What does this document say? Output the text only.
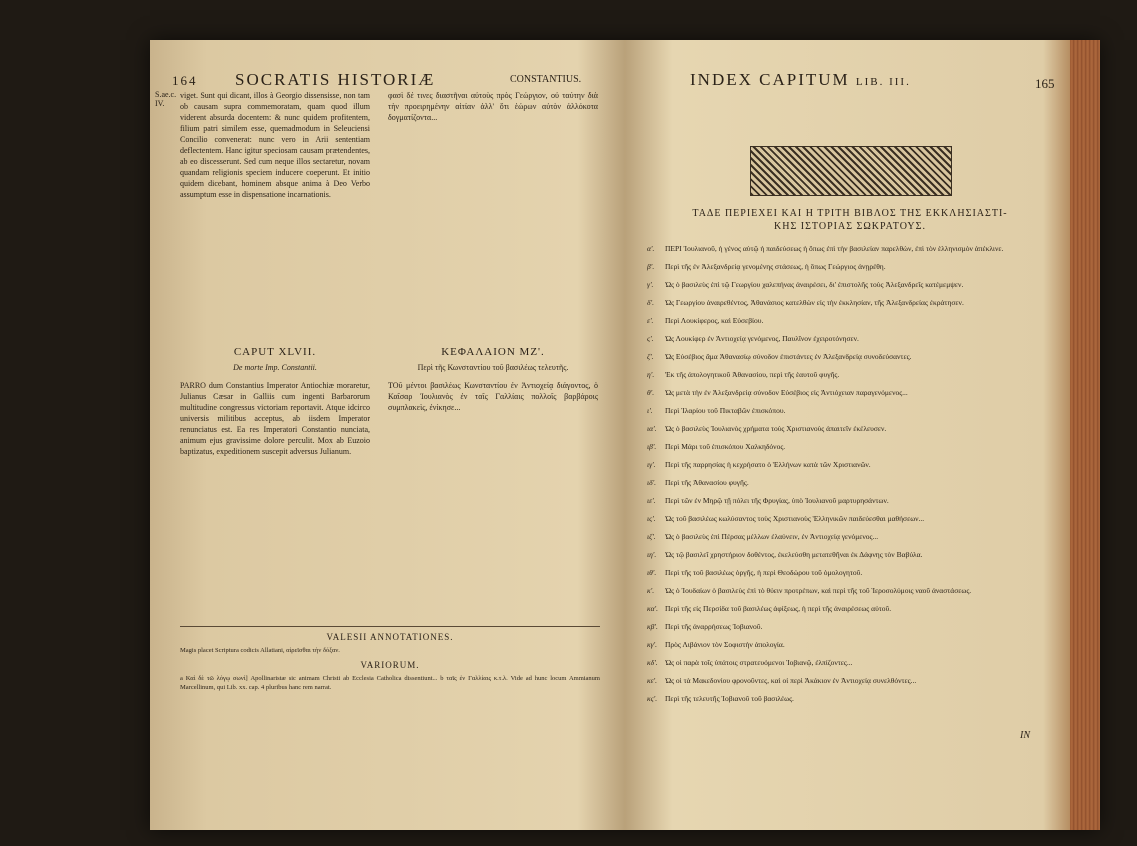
164 SOCRATIS HISTORIÆ	CONSTANTIUS.
S.ae.c. IV.
viget. Sunt qui dicant, illos à Georgio dissensisse, non tam ob causam supra commemoratam, quam quod illum viderent absurda docentem: & nunc quidem profitentem, filium patri similem esse, quemadmodum in Seleuciensi Concilio convenerat: nunc vero in Arii sententiam deflectentem. Hanc igitur speciosam causam prætendentes, ab eo discesserunt. Sed cum neque illos sectaretur, novam quandam religionis speciem inducere coeperunt. Et initio quidem dicebant, hominem absque anima à Deo Verbo assumptum esse in dispensatione incarnationis.
φασὶ δέ τινες διαστῆναι αὐτοὺς πρὸς Γεώργιον, οὐ ταύτην διὰ τὴν προειρημένην αἰτίαν ἀλλ' ὅτι ἑώρων αὐτὸν ἀλλόκοτα δογματίζοντα...
CAPUT XLVII.	ΚΕΦΑΛΑΙΟΝ ΜΖ'.
De morte Imp. Constantii.	Περὶ τῆς Κωνσταντίου τοῦ βασιλέως τελευτῆς.
PARRO dum Constantius Imperator Antiochiæ moraretur, Julianus Cæsar in Galliis cum ingenti Barbarorum multitudine congressus victoriam reportavit. Atque idcirco universis militibus acceptus, ab iisdem Imperator renunciatus est. Ea res Imperatori Constantio nunciata, animum ejus gravissime dolore perculit. Mox ab Euzoio baptizatus, expeditionem suscepit adversus Julianum.
ΤΟῦ μέντοι βασιλέως Κωνσταντίου ἐν Ἀντιοχείᾳ διάγοντος, ὁ Καῖσαρ Ἰουλιανὸς ἐν ταῖς Γαλλίαις πολλοῖς βαρβάροις συμπλακεὶς, ἐνίκησε...
VALESII ANNOTATIONES.
Magis placet Scriptura codicis Allatiani, αἰρεῖσθαι τὴν δόξαν.
VARIORUM.
a Καὶ δὲ τῶ λόγῳ σωνὶ] Apollinaristæ sic animam Christi ab Ecclesia Catholica dissentiunt... b ταῖς ἐν Γαλλίαις κ.τ.λ. Vide ad hunc locum Ammianum Marcellinum, qui Lib. xx. cap. 4 pluribus hanc rem narrat.
INDEX CAPITUM LIB. III.	165
ΤΑΔΕ ΠΕΡΙΕΧΕΙ ΚΑΙ Η ΤΡΙΤΗ ΒΙΒΛΟΣ ΤΗΣ ΕΚΚΛΗΣΙΑΣΤΙ-
ΚΗΣ ΙΣΤΟΡΙΑΣ ΣΩΚΡΑΤΟΥΣ.
α'. ΠΕΡΙ Ἰουλιανοῦ, ἡ γένος αὐτῷ ἡ παιδεύσεως ἡ ὅπως ἐπὶ τὴν βασιλείαν παρελθὼν, ἐπὶ τὸν ἑλληνισμὸν ἀπέκλινε.
β'. Περὶ τῆς ἐν Ἀλεξανδρείᾳ γενομένης στάσεως, ἡ ὅπως Γεώργιος ἀνῃρέθη.
γ'. Ὡς ὁ βασιλεὺς ἐπὶ τῷ Γεωργίου χαλεπήνας ἀναιρέσει, δι' ἐπιστολῆς τοὺς Ἀλεξανδρεῖς κατέμεμψεν.
δ'. Ὡς Γεωργίου ἀναιρεθέντος, Ἀθανάσιος κατελθὼν εἰς τὴν ἐκκλησίαν, τῆς Ἀλεξανδρείας ἐκράτησεν.
ε'. Περὶ Λουκίφερος, καὶ Εὐσεβίου.
ς'. Ὡς Λουκίφερ ἐν Ἀντιοχείᾳ γενόμενος, Παυλῖνον ἐχειροτόνησεν.
ζ'. Ὡς Εὐσέβιος ἅμα Ἀθανασίῳ σύνοδον ἐπιστάντες ἐν Ἀλεξανδρείᾳ συνοδεύσαντες.
η'. Ἐκ τῆς ἀπολογητικοῦ Ἀθανασίου, περὶ τῆς ἑαυτοῦ φυγῆς.
θ'. Ὡς μετὰ τὴν ἐν Ἀλεξανδρείᾳ σύνοδον Εὐσέβιος εἰς Ἀντιόχειαν παραγενόμενος...
ι'. Περὶ Ἰλαρίου τοῦ Πικταβῶν ἐπισκόπου.
ια'. Ὡς ὁ βασιλεὺς Ἰουλιανὸς χρήματα τοὺς Χριστιανοὺς ἀπαιτεῖν ἐκέλευσεν.
ιβ'. Περὶ Μάρι τοῦ ἐπισκόπου Χαλκηδόνος.
ιγ'. Περὶ τῆς παρρησίας ἡ κεχρήσατο ὁ Ἑλλήνων κατὰ τῶν Χριστιανῶν.
ιδ'. Περὶ τῆς Ἀθανασίου φυγῆς.
ιε'. Περὶ τῶν ἐν Μηρῷ τῇ πόλει τῆς Φρυγίας, ὑπὸ Ἰουλιανοῦ μαρτυρησάντων.
ις'. Ὡς τοῦ βασιλέως κωλύσαντος τοὺς Χριστιανοὺς Ἑλληνικῶν παιδεύεσθαι μαθήσεων...
ιζ'. Ὡς ὁ βασιλεὺς ἐπὶ Πέρσας μέλλων ἐλαύνειν, ἐν Ἀντιοχείᾳ γενόμενος...
ιη'. Ὡς τῷ βασιλεῖ χρηστήριον δοθέντος, ἐκελεύσθη μετατεθῆναι ἐκ Δάφνης τὸν Βαβύλα.
ιθ'. Περὶ τῆς τοῦ βασιλέως ὀργῆς, ἡ περὶ Θεοδώρου τοῦ ὁμολογητοῦ.
κ'. Ὡς ὁ Ἰουδαίων ὁ βασιλεὺς ἐπὶ τὸ θύειν προτρέπων, καὶ περὶ τῆς τοῦ Ἱεροσολύμοις ναοῦ ἀναστάσεως.
κα'. Περὶ τῆς εἰς Περσίδα τοῦ βασιλέως ἀφίξεως, ἡ περὶ τῆς ἀναιρέσεως αὐτοῦ.
κβ'. Περὶ τῆς ἀναρρήσεως Ἰοβιανοῦ.
κγ'. Πρὸς Λιβάνιον τὸν Σοφιστὴν ἀπολογία.
κδ'. Ὡς οἱ παρὰ τοῖς ὑπάτοις στρατευόμενοι Ἰοβιανῷ, ἐλπίζοντες...
κε'. Ὡς οἱ τὰ Μακεδονίου φρονοῦντες, καὶ οἱ περὶ Ἀκάκιον ἐν Ἀντιοχείᾳ συνελθόντες...
κς'. Περὶ τῆς τελευτῆς Ἰοβιανοῦ τοῦ βασιλέως.
IN
